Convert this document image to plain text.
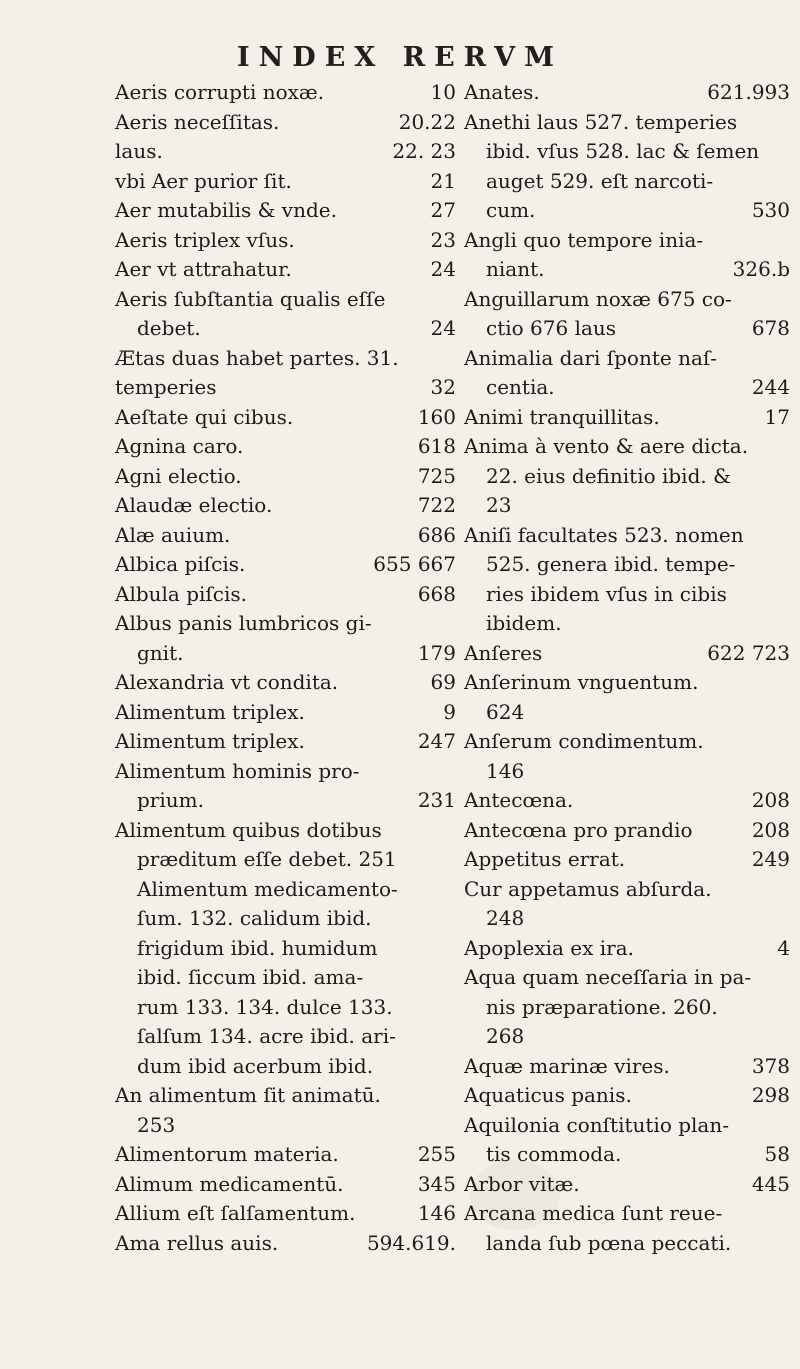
INDEX RERVM
Aeris corrupti noxæ.	10
Aeris neceſſitas.	20.22
laus.	22. 23
vbi Aer purior ſit.	21
Aer mutabilis & vnde.	27
Aeris triplex vſus.	23
Aer vt attrahatur.	24
Aeris ſubſtantia qualis eſſe
debet.	24
Ætas duas habet partes. 31.
temperies	32
Aeſtate qui cibus.	160
Agnina caro.	618
Agni electio.	725
Alaudæ electio.	722
Alæ auium.	686
Albica piſcis.	655 667
Albula piſcis.	668
Albus panis lumbricos gi-
gnit.	179
Alexandria vt condita.	69
Alimentum triplex.	9
Alimentum triplex.	247
Alimentum hominis pro-
prium.	231
Alimentum quibus dotibus
præditum eſſe debet. 251
Alimentum medicamento-
ſum. 132. calidum ibid.
frigidum ibid. humidum
ibid. ſiccum ibid. ama-
rum 133. 134. dulce 133.
ſalſum 134. acre ibid. ari-
dum ibid acerbum ibid.
An alimentum ſit animatū.
253
Alimentorum materia.	255
Alimum medicamentū.	345
Allium eſt ſalſamentum.	146
Ama rellus auis.	594.619.
Anates.	621.993
Anethi laus 527. temperies
ibid. vſus 528. lac & ſemen
auget 529. eſt narcoti-
cum.	530
Angli quo tempore inia-
niant.	326.b
Anguillarum noxæ 675 co-
ctio 676 laus	678
Animalia dari ſponte naſ-
centia.	244
Animi tranquillitas.	17
Anima à vento & aere dicta.
22. eius definitio ibid. &
23
Aniſi facultates 523. nomen
525. genera ibid. tempe-
ries ibidem vſus in cibis
ibidem.
Anſeres	622 723
Anſerinum vnguentum.
624
Anſerum condimentum.
146
Antecœna.	208
Antecœna pro prandio	208
Appetitus errat.	249
Cur appetamus abſurda.
248
Apoplexia ex ira.	4
Aqua quam neceſſaria in pa-
nis præparatione. 260.
268
Aquæ marinæ vires.	378
Aquaticus panis.	298
Aquilonia conſtitutio plan-
tis commoda.	58
Arbor vitæ.	445
Arcana medica ſunt reue-
landa ſub pœna peccati.
